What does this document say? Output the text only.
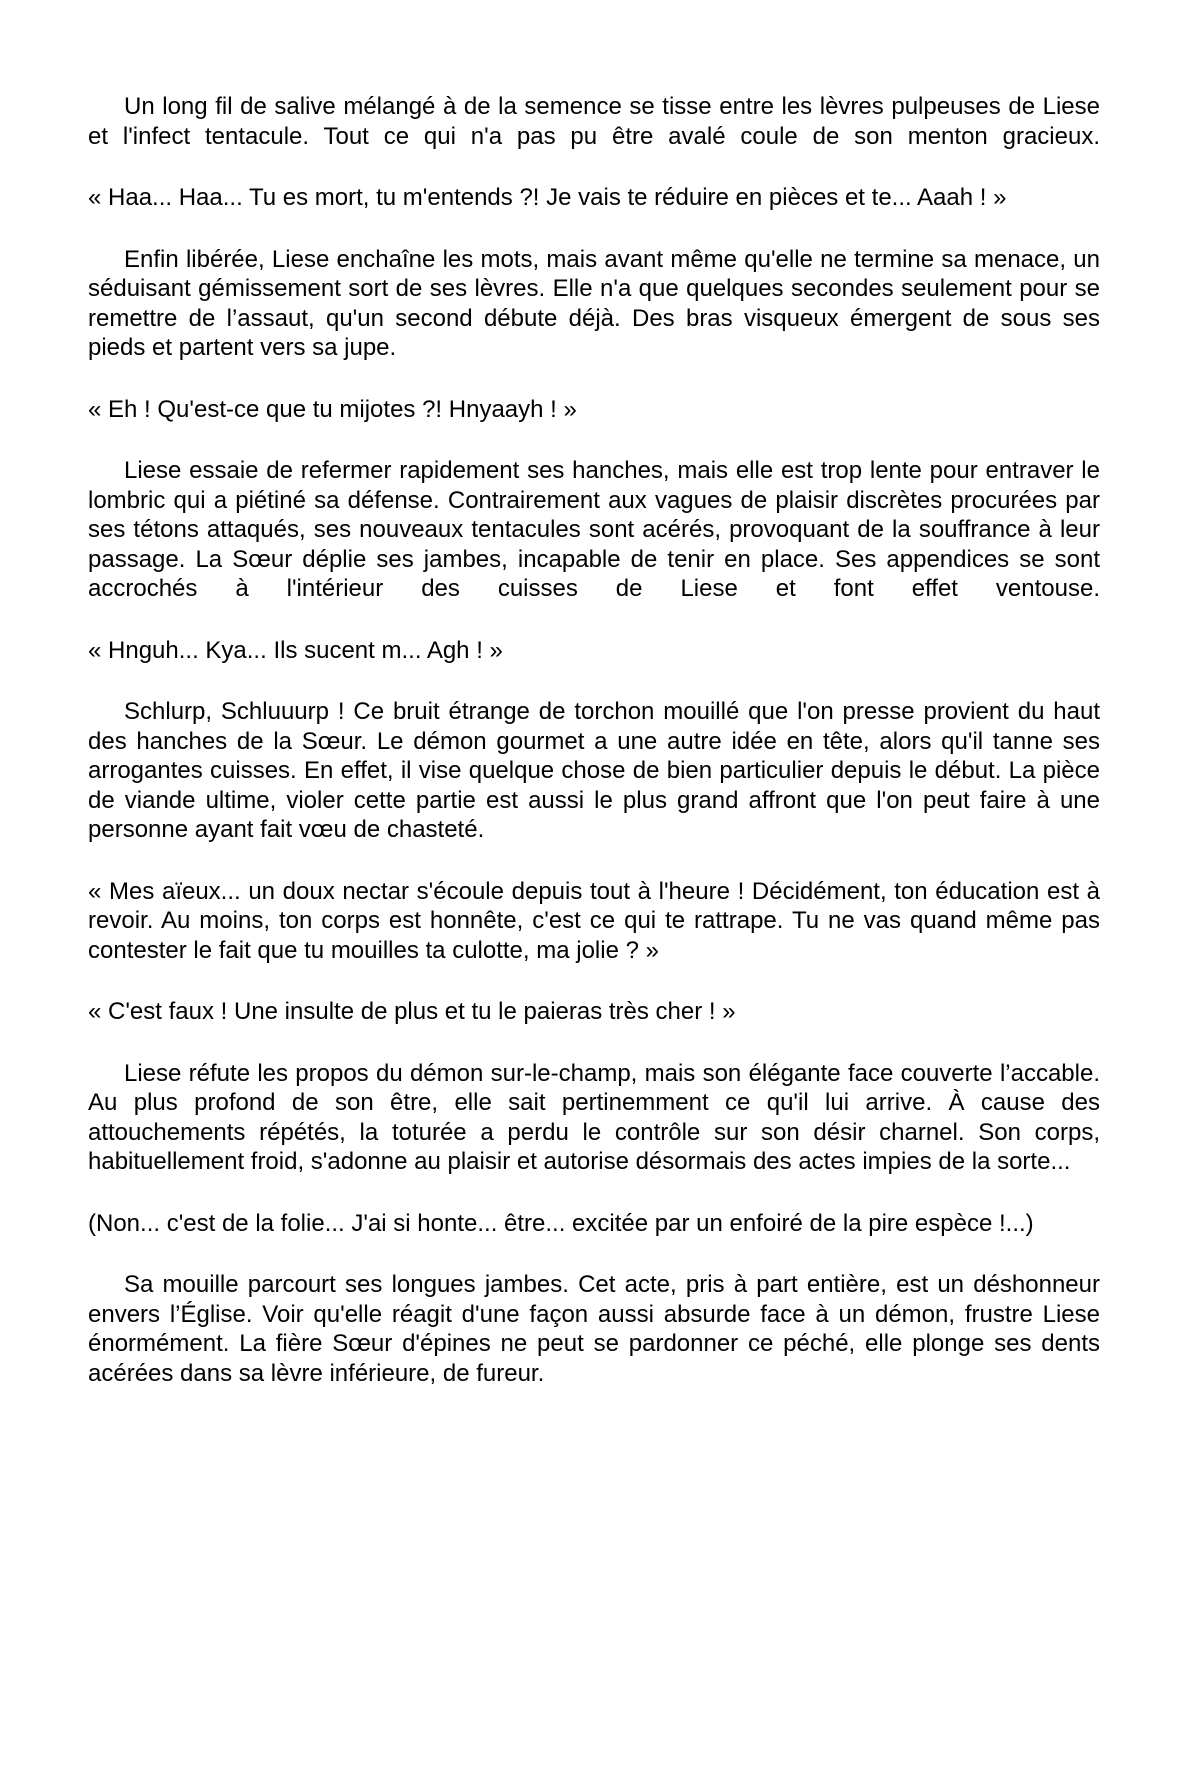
Un long fil de salive mélangé à de la semence se tisse entre les lèvres pulpeuses de Liese et l'infect tentacule. Tout ce qui n'a pas pu être avalé coule de son menton gracieux.

« Haa... Haa... Tu es mort, tu m'entends ?! Je vais te réduire en pièces et te... Aaah ! »

Enfin libérée, Liese enchaîne les mots, mais avant même qu'elle ne termine sa menace, un séduisant gémissement sort de ses lèvres. Elle n'a que quelques secondes seulement pour se remettre de l’assaut, qu'un second débute déjà. Des bras visqueux émergent de sous ses pieds et partent vers sa jupe.

« Eh ! Qu'est-ce que tu mijotes ?! Hnyaayh ! »

Liese essaie de refermer rapidement ses hanches, mais elle est trop lente pour entraver le lombric qui a piétiné sa défense. Contrairement aux vagues de plaisir discrètes procurées par ses tétons attaqués, ses nouveaux tentacules sont acérés, provoquant de la souffrance à leur passage. La Sœur déplie ses jambes, incapable de tenir en place. Ses appendices se sont accrochés à l'intérieur des cuisses de Liese et font effet ventouse.

« Hnguh... Kya... Ils sucent m... Agh ! »

Schlurp, Schluuurp ! Ce bruit étrange de torchon mouillé que l'on presse provient du haut des hanches de la Sœur. Le démon gourmet a une autre idée en tête, alors qu'il tanne ses arrogantes cuisses. En effet, il vise quelque chose de bien particulier depuis le début. La pièce de viande ultime, violer cette partie est aussi le plus grand affront que l'on peut faire à une personne ayant fait vœu de chasteté.

« Mes aïeux... un doux nectar s'écoule depuis tout à l'heure ! Décidément, ton éducation est à revoir. Au moins, ton corps est honnête, c'est ce qui te rattrape. Tu ne vas quand même pas contester le fait que tu mouilles ta culotte, ma jolie ? »

« C'est faux ! Une insulte de plus et tu le paieras très cher ! »

Liese réfute les propos du démon sur-le-champ, mais son élégante face couverte l’accable. Au plus profond de son être, elle sait pertinemment ce qu'il lui arrive. À cause des attouchements répétés, la toturée a perdu le contrôle sur son désir charnel. Son corps, habituellement froid, s'adonne au plaisir et autorise désormais des actes impies de la sorte...

(Non... c'est de la folie... J'ai si honte... être... excitée par un enfoiré de la pire espèce !...)

Sa mouille parcourt ses longues jambes. Cet acte, pris à part entière, est un déshonneur envers l’Église. Voir qu'elle réagit d'une façon aussi absurde face à un démon, frustre Liese énormément. La fière Sœur d'épines ne peut se pardonner ce péché, elle plonge ses dents acérées dans sa lèvre inférieure, de fureur.
